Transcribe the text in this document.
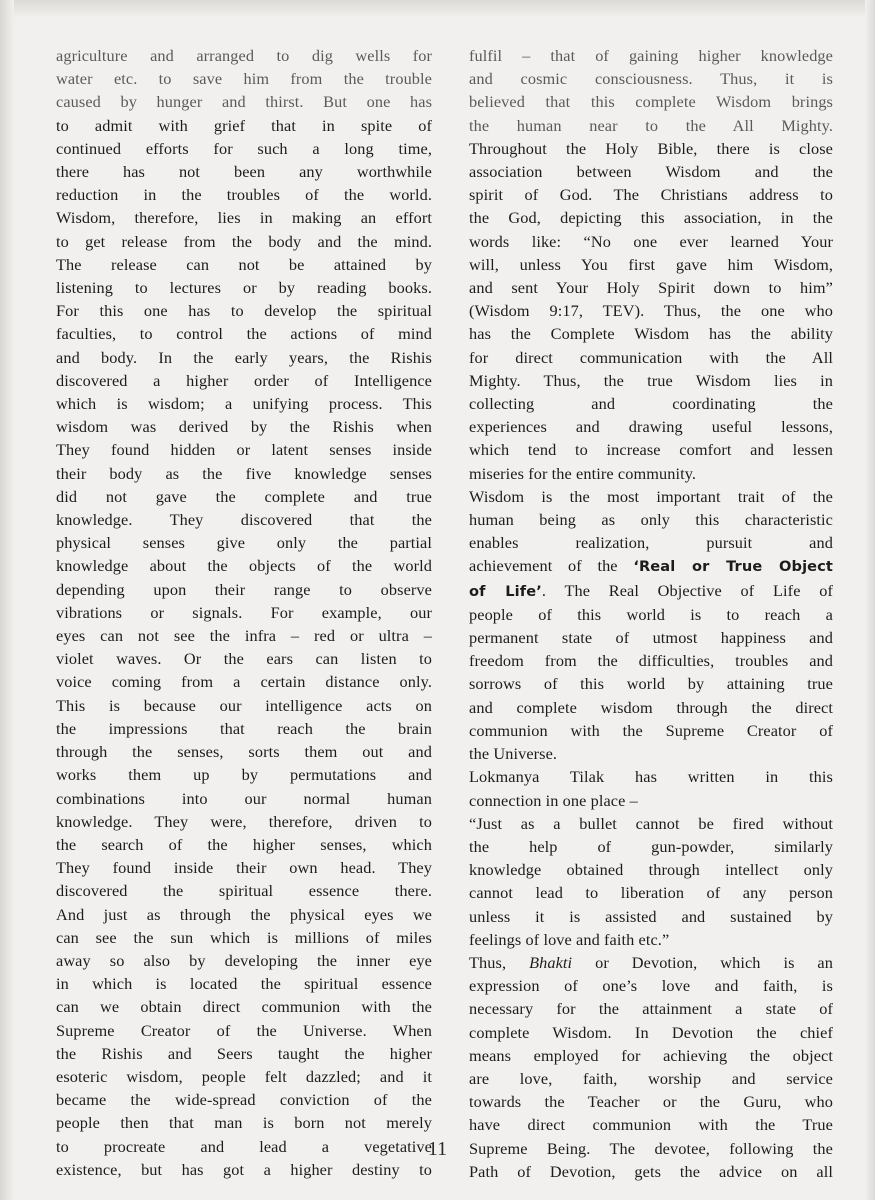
agriculture and arranged to dig wells for
water etc. to save him from the trouble
caused by hunger and thirst. But one has
to admit with grief that in spite of
continued efforts for such a long time,
there has not been any worthwhile
reduction in the troubles of the world.
Wisdom, therefore, lies in making an effort
to get release from the body and the mind.
The release can not be attained by
listening to lectures or by reading books.
For this one has to develop the spiritual
faculties, to control the actions of mind
and body. In the early years, the Rishis
discovered a higher order of Intelligence
which is wisdom; a unifying process. This
wisdom was derived by the Rishis when
They found hidden or latent senses inside
their body as the five knowledge senses
did not gave the complete and true
knowledge. They discovered that the
physical senses give only the partial
knowledge about the objects of the world
depending upon their range to observe
vibrations or signals. For example, our
eyes can not see the infra – red or ultra –
violet waves. Or the ears can listen to
voice coming from a certain distance only.
This is because our intelligence acts on
the impressions that reach the brain
through the senses, sorts them out and
works them up by permutations and
combinations into our normal human
knowledge. They were, therefore, driven to
the search of the higher senses, which
They found inside their own head. They
discovered the spiritual essence there.
And just as through the physical eyes we
can see the sun which is millions of miles
away so also by developing the inner eye
in which is located the spiritual essence
can we obtain direct communion with the
Supreme Creator of the Universe. When
the Rishis and Seers taught the higher
esoteric wisdom, people felt dazzled; and it
became the wide-spread conviction of the
people then that man is born not merely
to procreate and lead a vegetative
existence, but has got a higher destiny to
fulfil – that of gaining higher knowledge
and cosmic consciousness. Thus, it is
believed that this complete Wisdom brings
the human near to the All Mighty.
Throughout the Holy Bible, there is close
association between Wisdom and the
spirit of God. The Christians address to
the God, depicting this association, in the
words like: “No one ever learned Your
will, unless You first gave him Wisdom,
and sent Your Holy Spirit down to him”
(Wisdom 9:17, TEV). Thus, the one who
has the Complete Wisdom has the ability
for direct communication with the All
Mighty. Thus, the true Wisdom lies in
collecting and coordinating the
experiences and drawing useful lessons,
which tend to increase comfort and lessen
miseries for the entire community.
Wisdom is the most important trait of the
human being as only this characteristic
enables realization, pursuit and
achievement of the ‘Real or True Object
of Life’. The Real Objective of Life of
people of this world is to reach a
permanent state of utmost happiness and
freedom from the difficulties, troubles and
sorrows of this world by attaining true
and complete wisdom through the direct
communion with the Supreme Creator of
the Universe.
Lokmanya Tilak has written in this
connection in one place –
“Just as a bullet cannot be fired without
the help of gun-powder, similarly
knowledge obtained through intellect only
cannot lead to liberation of any person
unless it is assisted and sustained by
feelings of love and faith etc.”
Thus, Bhakti or Devotion, which is an
expression of one’s love and faith, is
necessary for the attainment a state of
complete Wisdom. In Devotion the chief
means employed for achieving the object
are love, faith, worship and service
towards the Teacher or the Guru, who
have direct communion with the True
Supreme Being. The devotee, following the
Path of Devotion, gets the advice on all
11
